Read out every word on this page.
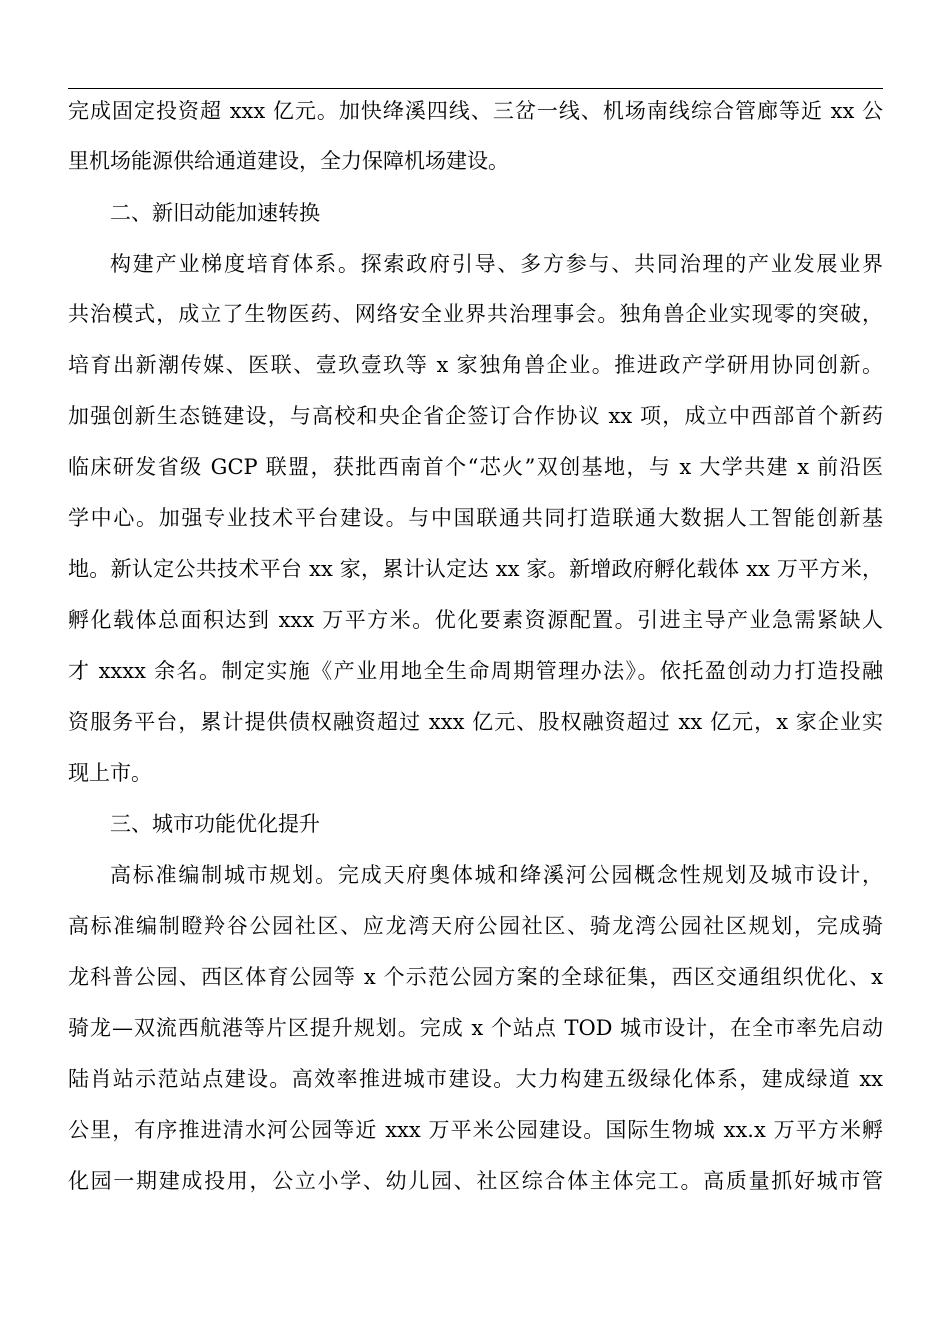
完成固定投资超 xxx 亿元。加快绛溪四线、三岔一线、机场南线综合管廊等近 xx 公
里机场能源供给通道建设，全力保障机场建设。
二、新旧动能加速转换
构建产业梯度培育体系。探索政府引导、多方参与、共同治理的产业发展业界
共治模式，成立了生物医药、网络安全业界共治理事会。独角兽企业实现零的突破，
培育出新潮传媒、医联、壹玖壹玖等 x 家独角兽企业。推进政产学研用协同创新。
加强创新生态链建设，与高校和央企省企签订合作协议 xx 项，成立中西部首个新药
临床研发省级 GCP 联盟，获批西南首个“芯火”双创基地，与 x 大学共建 x 前沿医
学中心。加强专业技术平台建设。与中国联通共同打造联通大数据人工智能创新基
地。新认定公共技术平台 xx 家，累计认定达 xx 家。新增政府孵化载体 xx 万平方米，
孵化载体总面积达到 xxx 万平方米。优化要素资源配置。引进主导产业急需紧缺人
才 xxxx 余名。制定实施《产业用地全生命周期管理办法》。依托盈创动力打造投融
资服务平台，累计提供债权融资超过 xxx 亿元、股权融资超过 xx 亿元，x 家企业实
现上市。
三、城市功能优化提升
高标准编制城市规划。完成天府奥体城和绛溪河公园概念性规划及城市设计，
高标准编制瞪羚谷公园社区、应龙湾天府公园社区、骑龙湾公园社区规划，完成骑
龙科普公园、西区体育公园等 x 个示范公园方案的全球征集，西区交通组织优化、x
骑龙—双流西航港等片区提升规划。完成 x 个站点 TOD 城市设计，在全市率先启动
陆肖站示范站点建设。高效率推进城市建设。大力构建五级绿化体系，建成绿道 xx
公里，有序推进清水河公园等近 xxx 万平米公园建设。国际生物城 xx.x 万平方米孵
化园一期建成投用，公立小学、幼儿园、社区综合体主体完工。高质量抓好城市管
